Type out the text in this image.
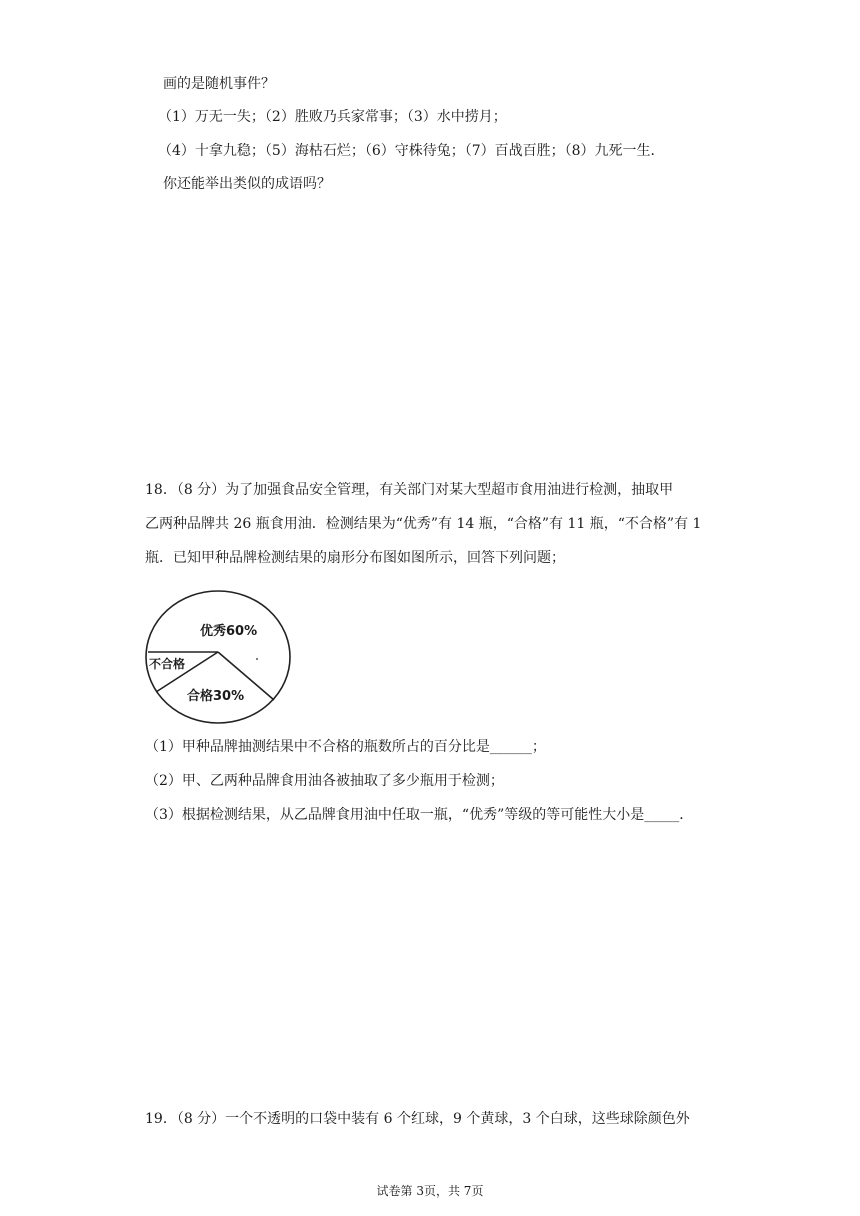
画的是随机事件？
（1）万无一失；（2）胜败乃兵家常事；（3）水中捞月；
（4）十拿九稳；（5）海枯石烂；（6）守株待兔；（7）百战百胜；（8）九死一生．
你还能举出类似的成语吗？
18．（8 分）为了加强食品安全管理，有关部门对某大型超市食用油进行检测，抽取甲
乙两种品牌共 26 瓶食用油．检测结果为“优秀”有 14 瓶，“合格”有 11 瓶，“不合格”有 1
瓶．已知甲种品牌检测结果的扇形分布图如图所示，回答下列问题；
优秀60%
合格30%
不合格
（1）甲种品牌抽测结果中不合格的瓶数所占的百分比是______；
（2）甲、乙两种品牌食用油各被抽取了多少瓶用于检测；
（3）根据检测结果，从乙品牌食用油中任取一瓶，“优秀”等级的等可能性大小是_____．
19．（8 分）一个不透明的口袋中装有 6 个红球，9 个黄球，3 个白球，这些球除颜色外
试卷第 3页，共 7页
